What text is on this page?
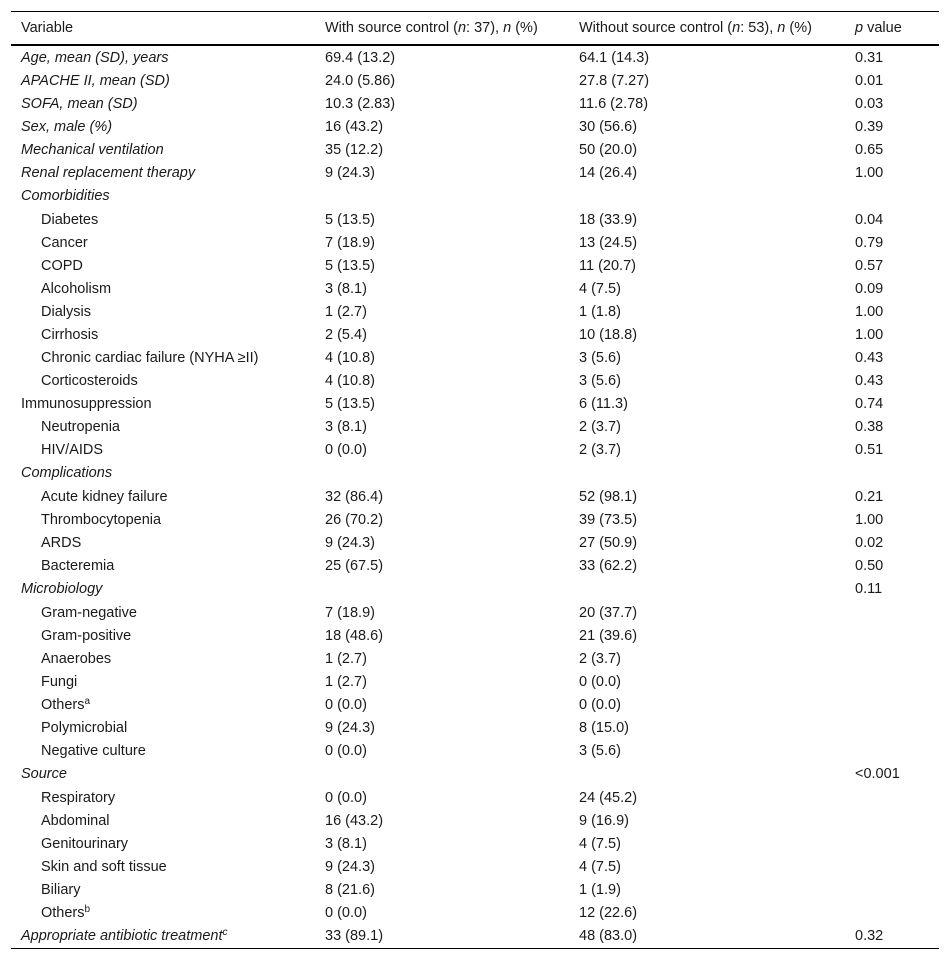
Variable	With source control (n: 37), n (%)	Without source control (n: 53), n (%)	p value
Age, mean (SD), years	69.4 (13.2)	64.1 (14.3)	0.31
APACHE II, mean (SD)	24.0 (5.86)	27.8 (7.27)	0.01
SOFA, mean (SD)	10.3 (2.83)	11.6 (2.78)	0.03
Sex, male (%)	16 (43.2)	30 (56.6)	0.39
Mechanical ventilation	35 (12.2)	50 (20.0)	0.65
Renal replacement therapy	9 (24.3)	14 (26.4)	1.00
Comorbidities			
Diabetes	5 (13.5)	18 (33.9)	0.04
Cancer	7 (18.9)	13 (24.5)	0.79
COPD	5 (13.5)	11 (20.7)	0.57
Alcoholism	3 (8.1)	4 (7.5)	0.09
Dialysis	1 (2.7)	1 (1.8)	1.00
Cirrhosis	2 (5.4)	10 (18.8)	1.00
Chronic cardiac failure (NYHA ≥II)	4 (10.8)	3 (5.6)	0.43
Corticosteroids	4 (10.8)	3 (5.6)	0.43
Immunosuppression	5 (13.5)	6 (11.3)	0.74
Neutropenia	3 (8.1)	2 (3.7)	0.38
HIV/AIDS	0 (0.0)	2 (3.7)	0.51
Complications			
Acute kidney failure	32 (86.4)	52 (98.1)	0.21
Thrombocytopenia	26 (70.2)	39 (73.5)	1.00
ARDS	9 (24.3)	27 (50.9)	0.02
Bacteremia	25 (67.5)	33 (62.2)	0.50
Microbiology			0.11
Gram-negative	7 (18.9)	20 (37.7)	
Gram-positive	18 (48.6)	21 (39.6)	
Anaerobes	1 (2.7)	2 (3.7)	
Fungi	1 (2.7)	0 (0.0)	
Others$^a$	0 (0.0)	0 (0.0)	
Polymicrobial	9 (24.3)	8 (15.0)	
Negative culture	0 (0.0)	3 (5.6)	
Source			<0.001
Respiratory	0 (0.0)	24 (45.2)	
Abdominal	16 (43.2)	9 (16.9)	
Genitourinary	3 (8.1)	4 (7.5)	
Skin and soft tissue	9 (24.3)	4 (7.5)	
Biliary	8 (21.6)	1 (1.9)	
Others$^b$	0 (0.0)	12 (22.6)	
Appropriate antibiotic treatment$^c$	33 (89.1)	48 (83.0)	0.32
